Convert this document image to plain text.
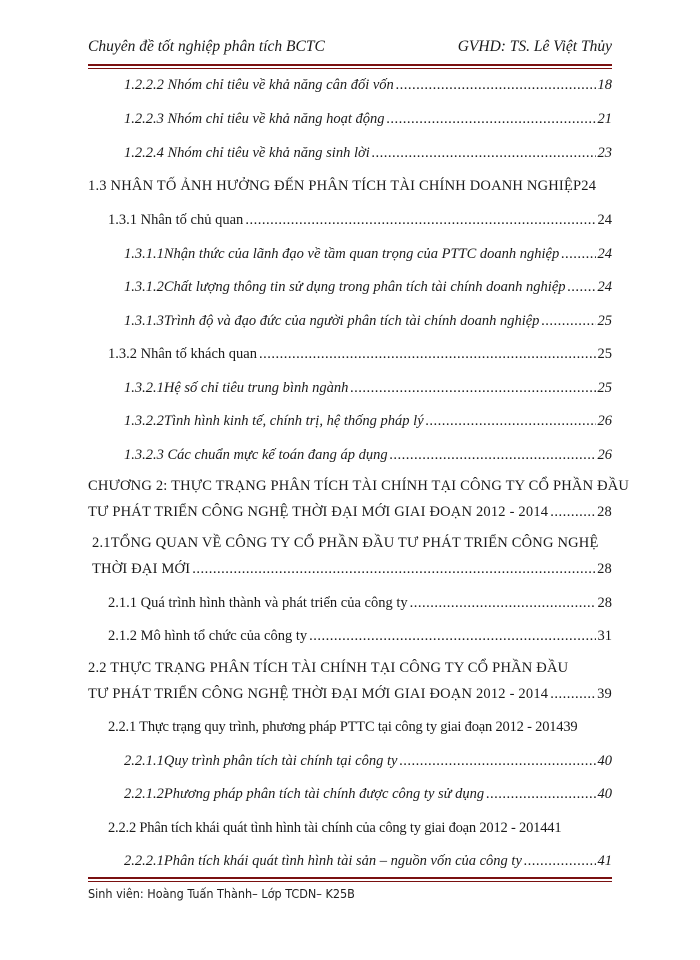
Chuyên đề tốt nghiệp phân tích BCTC	GVHD: TS. Lê Việt Thủy
1.2.2.2 Nhóm chỉ tiêu về khả năng cân đối vốn .....	18
1.2.2.3 Nhóm chỉ tiêu về khả năng hoạt động .....	21
1.2.2.4 Nhóm chỉ tiêu về khả năng sinh lời .....	23
1.3 NHÂN TỐ ẢNH HƯỞNG ĐẾN PHÂN TÍCH TÀI CHÍNH DOANH NGHIỆP 24
1.3.1 Nhân tố chủ quan .....	24
1.3.1.1Nhận thức của lãnh đạo về tầm quan trọng của PTTC doanh nghiệp .....	24
1.3.1.2Chất lượng thông tin sử dụng trong phân tích tài chính doanh nghiệp ..... 24
1.3.1.3Trình độ và đạo đức của người phân tích tài chính doanh nghiệp .....	25
1.3.2 Nhân tố khách quan .....	25
1.3.2.1Hệ số chỉ tiêu trung bình ngành .....	25
1.3.2.2Tình hình kinh tế, chính trị, hệ thống pháp lý .....	26
1.3.2.3 Các chuẩn mực kế toán đang áp dụng .....	26
CHƯƠNG 2: THỰC TRẠNG PHÂN TÍCH TÀI CHÍNH TẠI CÔNG TY CỔ PHẦN ĐẦU
TƯ PHÁT TRIỂN CÔNG NGHỆ THỜI ĐẠI MỚI GIAI ĐOẠN 2012 - 2014 .....	28
2.1TỔNG QUAN VỀ CÔNG TY CỔ PHẦN ĐẦU TƯ PHÁT TRIỂN CÔNG NGHỆ
THỜI ĐẠI MỚI .....	28
2.1.1 Quá trình hình thành và phát triển của công ty .....	28
2.1.2 Mô hình tổ chức của công ty .....	31
2.2 THỰC TRẠNG PHÂN TÍCH TÀI CHÍNH TẠI CÔNG TY CỔ PHẦN ĐẦU
TƯ PHÁT TRIỂN CÔNG NGHỆ THỜI ĐẠI MỚI GIAI ĐOẠN 2012 - 2014 .....	39
2.2.1 Thực trạng quy trình, phương pháp PTTC tại công ty giai đoạn 2012 - 2014 39
2.2.1.1Quy trình phân tích tài chính tại công ty .....	40
2.2.1.2Phương pháp phân tích tài chính được công ty sử dụng .....	40
2.2.2 Phân tích khái quát tình hình tài chính của công ty giai đoạn 2012 - 2014 41
2.2.2.1Phân tích khái quát tình hình tài sản – nguồn vốn của công ty .....	41
Sinh viên: Hoàng Tuấn Thành– Lớp TCDN– K25B
